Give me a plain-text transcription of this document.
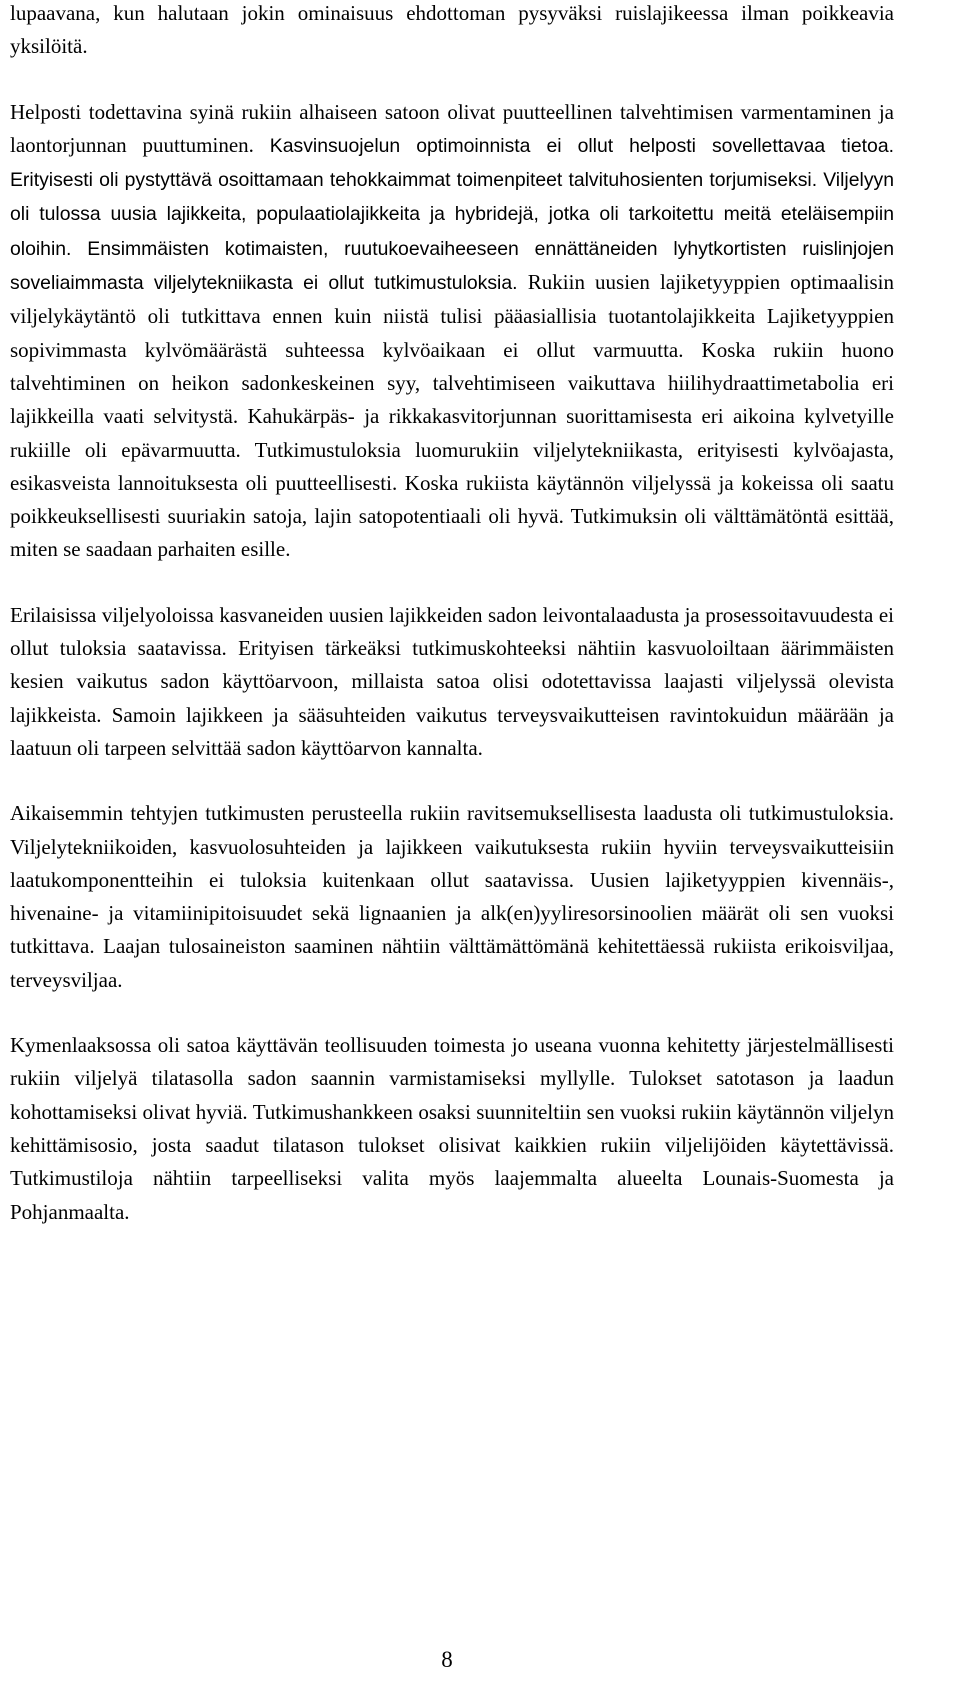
lupaavana, kun halutaan jokin ominaisuus ehdottoman pysyväksi ruislajikeessa ilman poikkeavia yksilöitä.

Helposti todettavina syinä rukiin alhaiseen satoon olivat puutteellinen talvehtimisen varmentaminen ja laontorjunnan puuttuminen. Kasvinsuojelun optimoinnista ei ollut helposti sovellettavaa tietoa. Erityisesti oli pystyttävä osoittamaan tehokkaimmat toimenpiteet talvituhosienten torjumiseksi. Viljelyyn oli tulossa uusia lajikkeita, populaatiolajikkeita ja hybridejä, jotka oli tarkoitettu meitä eteläisempiin oloihin. Ensimmäisten kotimaisten, ruutukoevaiheeseen ennättäneiden lyhytkortisten ruislinjojen soveliaimmasta viljelytekniikasta ei ollut tutkimustuloksia. Rukiin uusien lajiketyyppien optimaalisin viljelykäytäntö oli tutkittava ennen kuin niistä tulisi pääasiallisia tuotantolajikkeita Lajiketyyppien sopivimmasta kylvömäärästä suhteessa kylvöaikaan ei ollut varmuutta. Koska rukiin huono talvehtiminen on heikon sadonkeskeinen syy, talvehtimiseen vaikuttava hiilihydraattimetabolia eri lajikkeilla vaati selvitystä. Kahukärpäs- ja rikkakasvitorjunnan suorittamisesta eri aikoina kylvetyille rukiille oli epävarmuutta. Tutkimustuloksia luomurukiin viljelytekniikasta, erityisesti kylvöajasta, esikasveista lannoituksesta oli puutteellisesti. Koska rukiista käytännön viljelyssä ja kokeissa oli saatu poikkeuksellisesti suuriakin satoja, lajin satopotentiaali oli hyvä. Tutkimuksin oli välttämätöntä esittää, miten se saadaan parhaiten esille.

Erilaisissa viljelyoloissa kasvaneiden uusien lajikkeiden sadon leivontalaadusta ja prosessoitavuudesta ei ollut tuloksia saatavissa. Erityisen tärkeäksi tutkimuskohteeksi nähtiin kasvuoloiltaan äärimmäisten kesien vaikutus sadon käyttöarvoon, millaista satoa olisi odotettavissa laajasti viljelyssä olevista lajikkeista. Samoin lajikkeen ja sääsuhteiden vaikutus terveysvaikutteisen ravintokuidun määrään ja laatuun oli tarpeen selvittää sadon käyttöarvon kannalta.

Aikaisemmin tehtyjen tutkimusten perusteella rukiin ravitsemuksellisesta laadusta oli tutkimustuloksia. Viljelytekniikoiden, kasvuolosuhteiden ja lajikkeen vaikutuksesta rukiin hyviin terveysvaikutteisiin laatukomponentteihin ei tuloksia kuitenkaan ollut saatavissa. Uusien lajiketyyppien kivennäis-, hivenaine- ja vitamiinipitoisuudet sekä lignaanien ja alk(en)yyliresorsinoolien määrät oli sen vuoksi tutkittava. Laajan tulosaineiston saaminen nähtiin välttämättömänä kehitettäessä rukiista erikoisviljaa, terveysviljaa.

Kymenlaaksossa oli satoa käyttävän teollisuuden toimesta jo useana vuonna kehitetty järjestelmällisesti rukiin viljelyä tilatasolla sadon saannin varmistamiseksi myllylle. Tulokset satotason ja laadun kohottamiseksi olivat hyviä. Tutkimushankkeen osaksi suunniteltiin sen vuoksi rukiin käytännön viljelyn kehittämisosio, josta saadut tilatason tulokset olisivat kaikkien rukiin viljelijöiden käytettävissä. Tutkimustiloja nähtiin tarpeelliseksi valita myös laajemmalta alueelta Lounais-Suomesta ja Pohjanmaalta.

8
